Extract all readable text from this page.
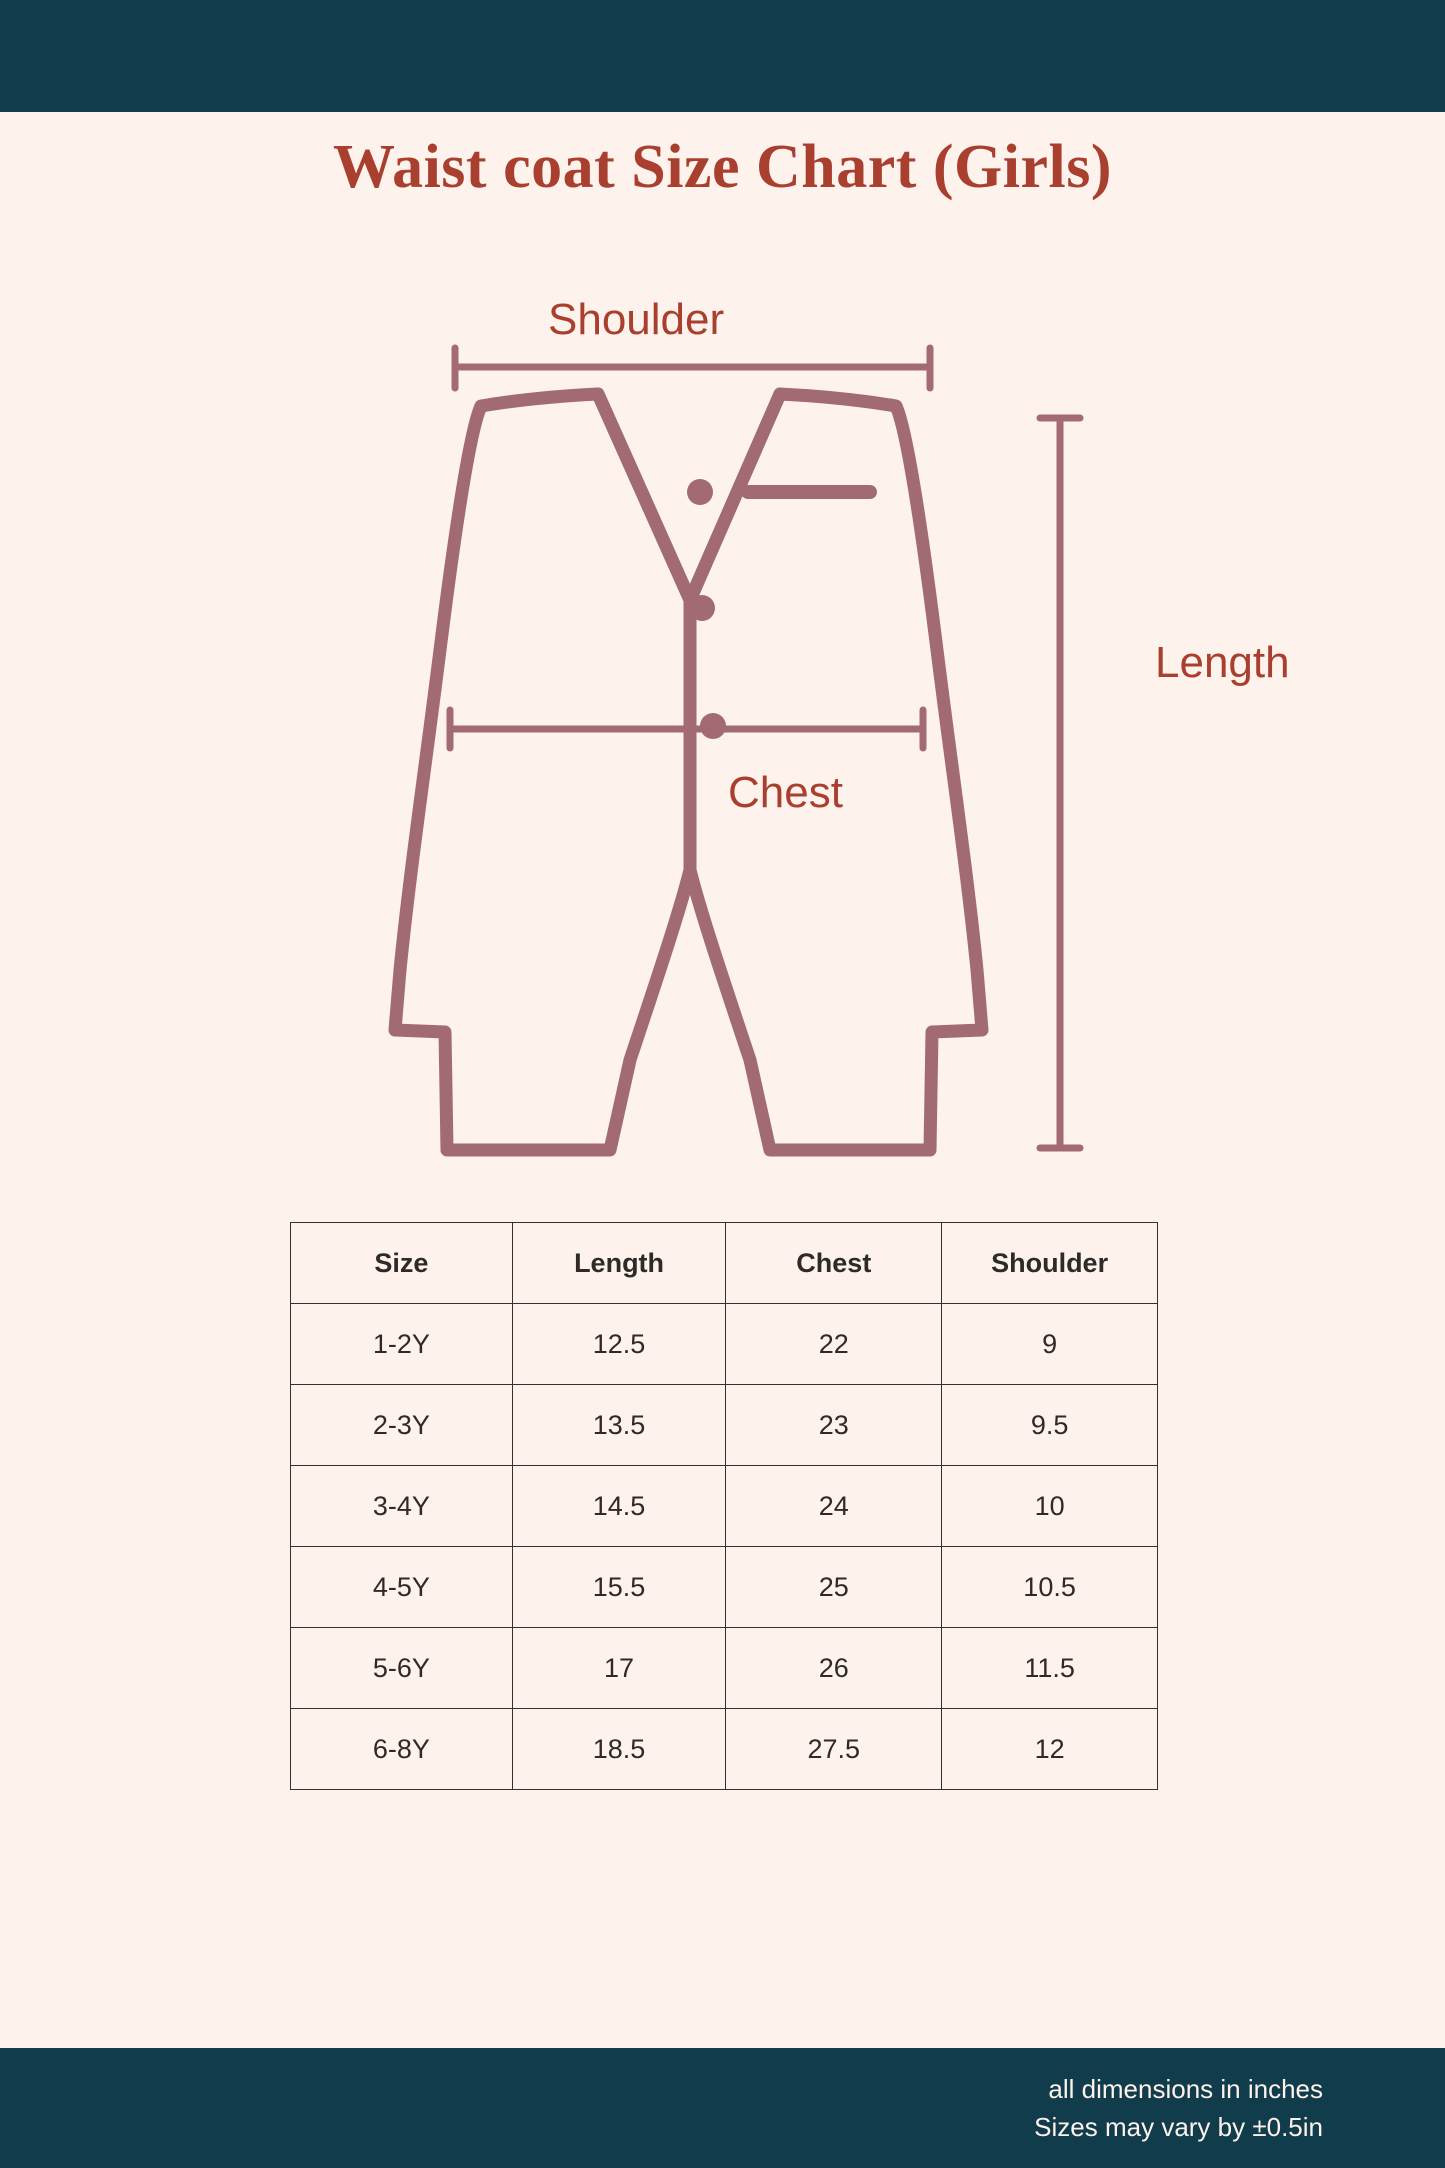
Waist coat Size Chart (Girls)
Shoulder
Length
Chest
Size	Length	Chest	Shoulder
1-2Y	12.5	22	9
2-3Y	13.5	23	9.5
3-4Y	14.5	24	10
4-5Y	15.5	25	10.5
5-6Y	17	26	11.5
6-8Y	18.5	27.5	12
all dimensions in inches
Sizes may vary by ±0.5in
